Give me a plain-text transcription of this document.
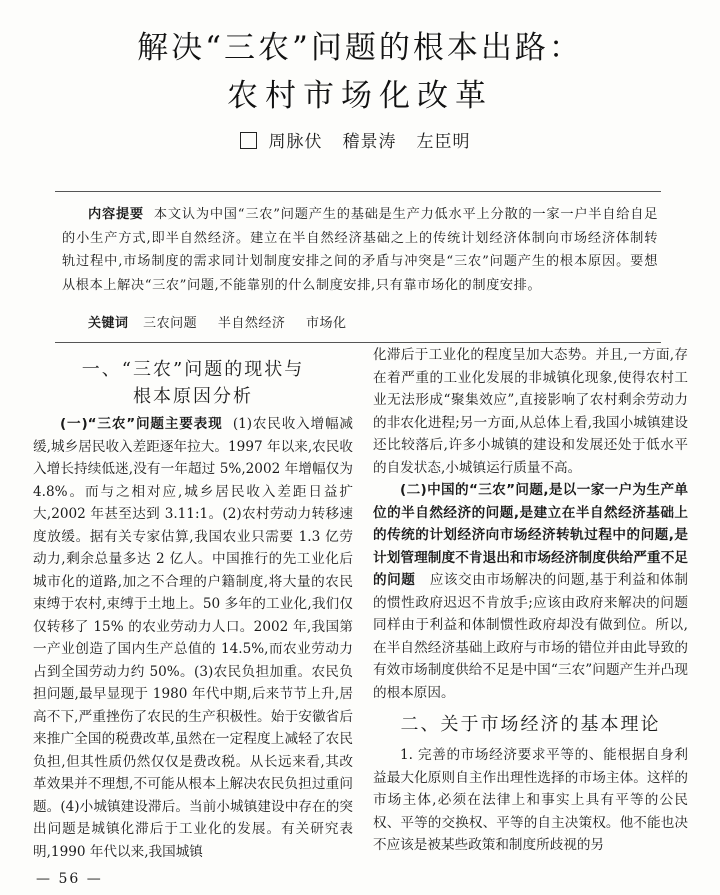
解决“三农”问题的根本出路：
农村市场化改革
周脉伏 稽景涛 左臣明
内容提要 本文认为中国“三农”问题产生的基础是生产力低水平上分散的一家一户半自给自足的小生产方式,即半自然经济。建立在半自然经济基础之上的传统计划经济体制向市场经济体制转轨过程中,市场制度的需求同计划制度安排之间的矛盾与冲突是“三农”问题产生的根本原因。要想从根本上解决“三农”问题,不能靠别的什么制度安排,只有靠市场化的制度安排。
关键词 三农问题 半自然经济 市场化
一、“三农”问题的现状与
根本原因分析

(一)“三农”问题主要表现 (1)农民收入增幅减缓,城乡居民收入差距逐年拉大。1997 年以来,农民收入增长持续低迷,没有一年超过 5%,2002 年增幅仅为 4.8%。而与之相对应,城乡居民收入差距日益扩大,2002 年甚至达到 3.11:1。(2)农村劳动力转移速度放缓。据有关专家估算,我国农业只需要 1.3 亿劳动力,剩余总量多达 2 亿人。中国推行的先工业化后城市化的道路,加之不合理的户籍制度,将大量的农民束缚于农村,束缚于土地上。50 多年的工业化,我们仅仅转移了 15% 的农业劳动力人口。2002 年,我国第一产业创造了国内生产总值的 14.5%,而农业劳动力占到全国劳动力约 50%。(3)农民负担加重。农民负担问题,最早显现于 1980 年代中期,后来节节上升,居高不下,严重挫伤了农民的生产积极性。始于安徽省后来推广全国的税费改革,虽然在一定程度上减轻了农民负担,但其性质仍然仅仅是费改税。从长远来看,其改革效果并不理想,不可能从根本上解决农民负担过重问题。(4)小城镇建设滞后。当前小城镇建设中存在的突出问题是城镇化滞后于工业化的发展。有关研究表明,1990 年代以来,我国城镇

化滞后于工业化的程度呈加大态势。并且,一方面,存在着严重的工业化发展的非城镇化现象,使得农村工业无法形成“聚集效应”,直接影响了农村剩余劳动力的非农化进程;另一方面,从总体上看,我国小城镇建设还比较落后,许多小城镇的建设和发展还处于低水平的自发状态,小城镇运行质量不高。

(二)中国的“三农”问题,是以一家一户为生产单位的半自然经济的问题,是建立在半自然经济基础上的传统的计划经济向市场经济转轨过程中的问题,是计划管理制度不肯退出和市场经济制度供给严重不足的问题 应该交由市场解决的问题,基于利益和体制的惯性政府迟迟不肯放手;应该由政府来解决的问题同样由于利益和体制惯性政府却没有做到位。所以,在半自然经济基础上政府与市场的错位并由此导致的有效市场制度供给不足是中国“三农”问题产生并凸现的根本原因。

二、关于市场经济的基本理论

1. 完善的市场经济要求平等的、能根据自身利益最大化原则自主作出理性选择的市场主体。这样的市场主体,必须在法律上和事实上具有平等的公民权、平等的交换权、平等的自主决策权。他不能也决不应该是被某些政策和制度所歧视的另

— 56 —
